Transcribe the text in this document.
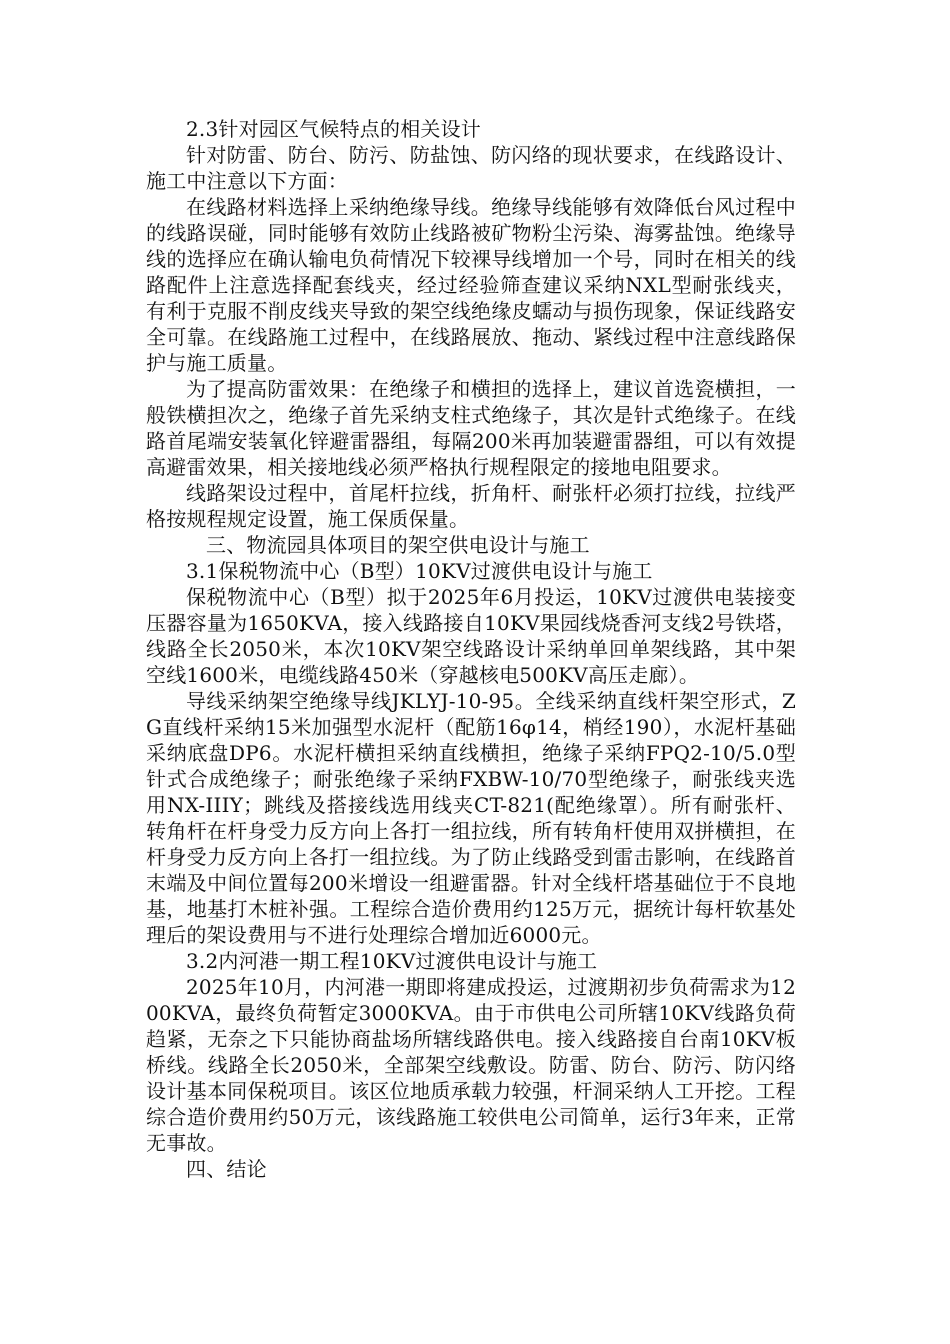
2.3针对园区气候特点的相关设计

针对防雷、防台、防污、防盐蚀、防闪络的现状要求，在线路设计、施工中注意以下方面：

在线路材料选择上采纳绝缘导线。绝缘导线能够有效降低台风过程中的线路误碰，同时能够有效防止线路被矿物粉尘污染、海雾盐蚀。绝缘导线的选择应在确认输电负荷情况下较裸导线增加一个号，同时在相关的线路配件上注意选择配套线夹，经过经验筛查建议采纳NXL型耐张线夹，有利于克服不削皮线夹导致的架空线绝缘皮蠕动与损伤现象，保证线路安全可靠。在线路施工过程中，在线路展放、拖动、紧线过程中注意线路保护与施工质量。

为了提高防雷效果：在绝缘子和横担的选择上，建议首选瓷横担，一般铁横担次之，绝缘子首先采纳支柱式绝缘子，其次是针式绝缘子。在线路首尾端安装氧化锌避雷器组，每隔200米再加装避雷器组，可以有效提高避雷效果，相关接地线必须严格执行规程限定的接地电阻要求。

线路架设过程中，首尾杆拉线，折角杆、耐张杆必须打拉线，拉线严格按规程规定设置，施工保质保量。

三、物流园具体项目的架空供电设计与施工

3.1保税物流中心（B型）10KV过渡供电设计与施工

保税物流中心（B型）拟于2025年6月投运，10KV过渡供电装接变压器容量为1650KVA，接入线路接自10KV果园线烧香河支线2号铁塔，线路全长2050米，本次10KV架空线路设计采纳单回单架线路，其中架空线1600米，电缆线路450米（穿越核电500KV高压走廊）。

导线采纳架空绝缘导线JKLYJ-10-95。全线采纳直线杆架空形式，ZG直线杆采纳15米加强型水泥杆（配筋16φ14，梢经190），水泥杆基础采纳底盘DP6。水泥杆横担采纳直线横担，绝缘子采纳FPQ2-10/5.0型针式合成绝缘子；耐张绝缘子采纳FXBW-10/70型绝缘子，耐张线夹选用NX-IIIY；跳线及搭接线选用线夹CT-821(配绝缘罩）。所有耐张杆、转角杆在杆身受力反方向上各打一组拉线，所有转角杆使用双拼横担，在杆身受力反方向上各打一组拉线。为了防止线路受到雷击影响，在线路首末端及中间位置每200米增设一组避雷器。针对全线杆塔基础位于不良地基，地基打木桩补强。工程综合造价费用约125万元，据统计每杆软基处理后的架设费用与不进行处理综合增加近6000元。

3.2内河港一期工程10KV过渡供电设计与施工

2025年10月，内河港一期即将建成投运，过渡期初步负荷需求为1200KVA，最终负荷暂定3000KVA。由于市供电公司所辖10KV线路负荷趋紧，无奈之下只能协商盐场所辖线路供电。接入线路接自台南10KV板桥线。线路全长2050米，全部架空线敷设。防雷、防台、防污、防闪络设计基本同保税项目。该区位地质承载力较强，杆洞采纳人工开挖。工程综合造价费用约50万元，该线路施工较供电公司简单，运行3年来，正常无事故。

四、结论
